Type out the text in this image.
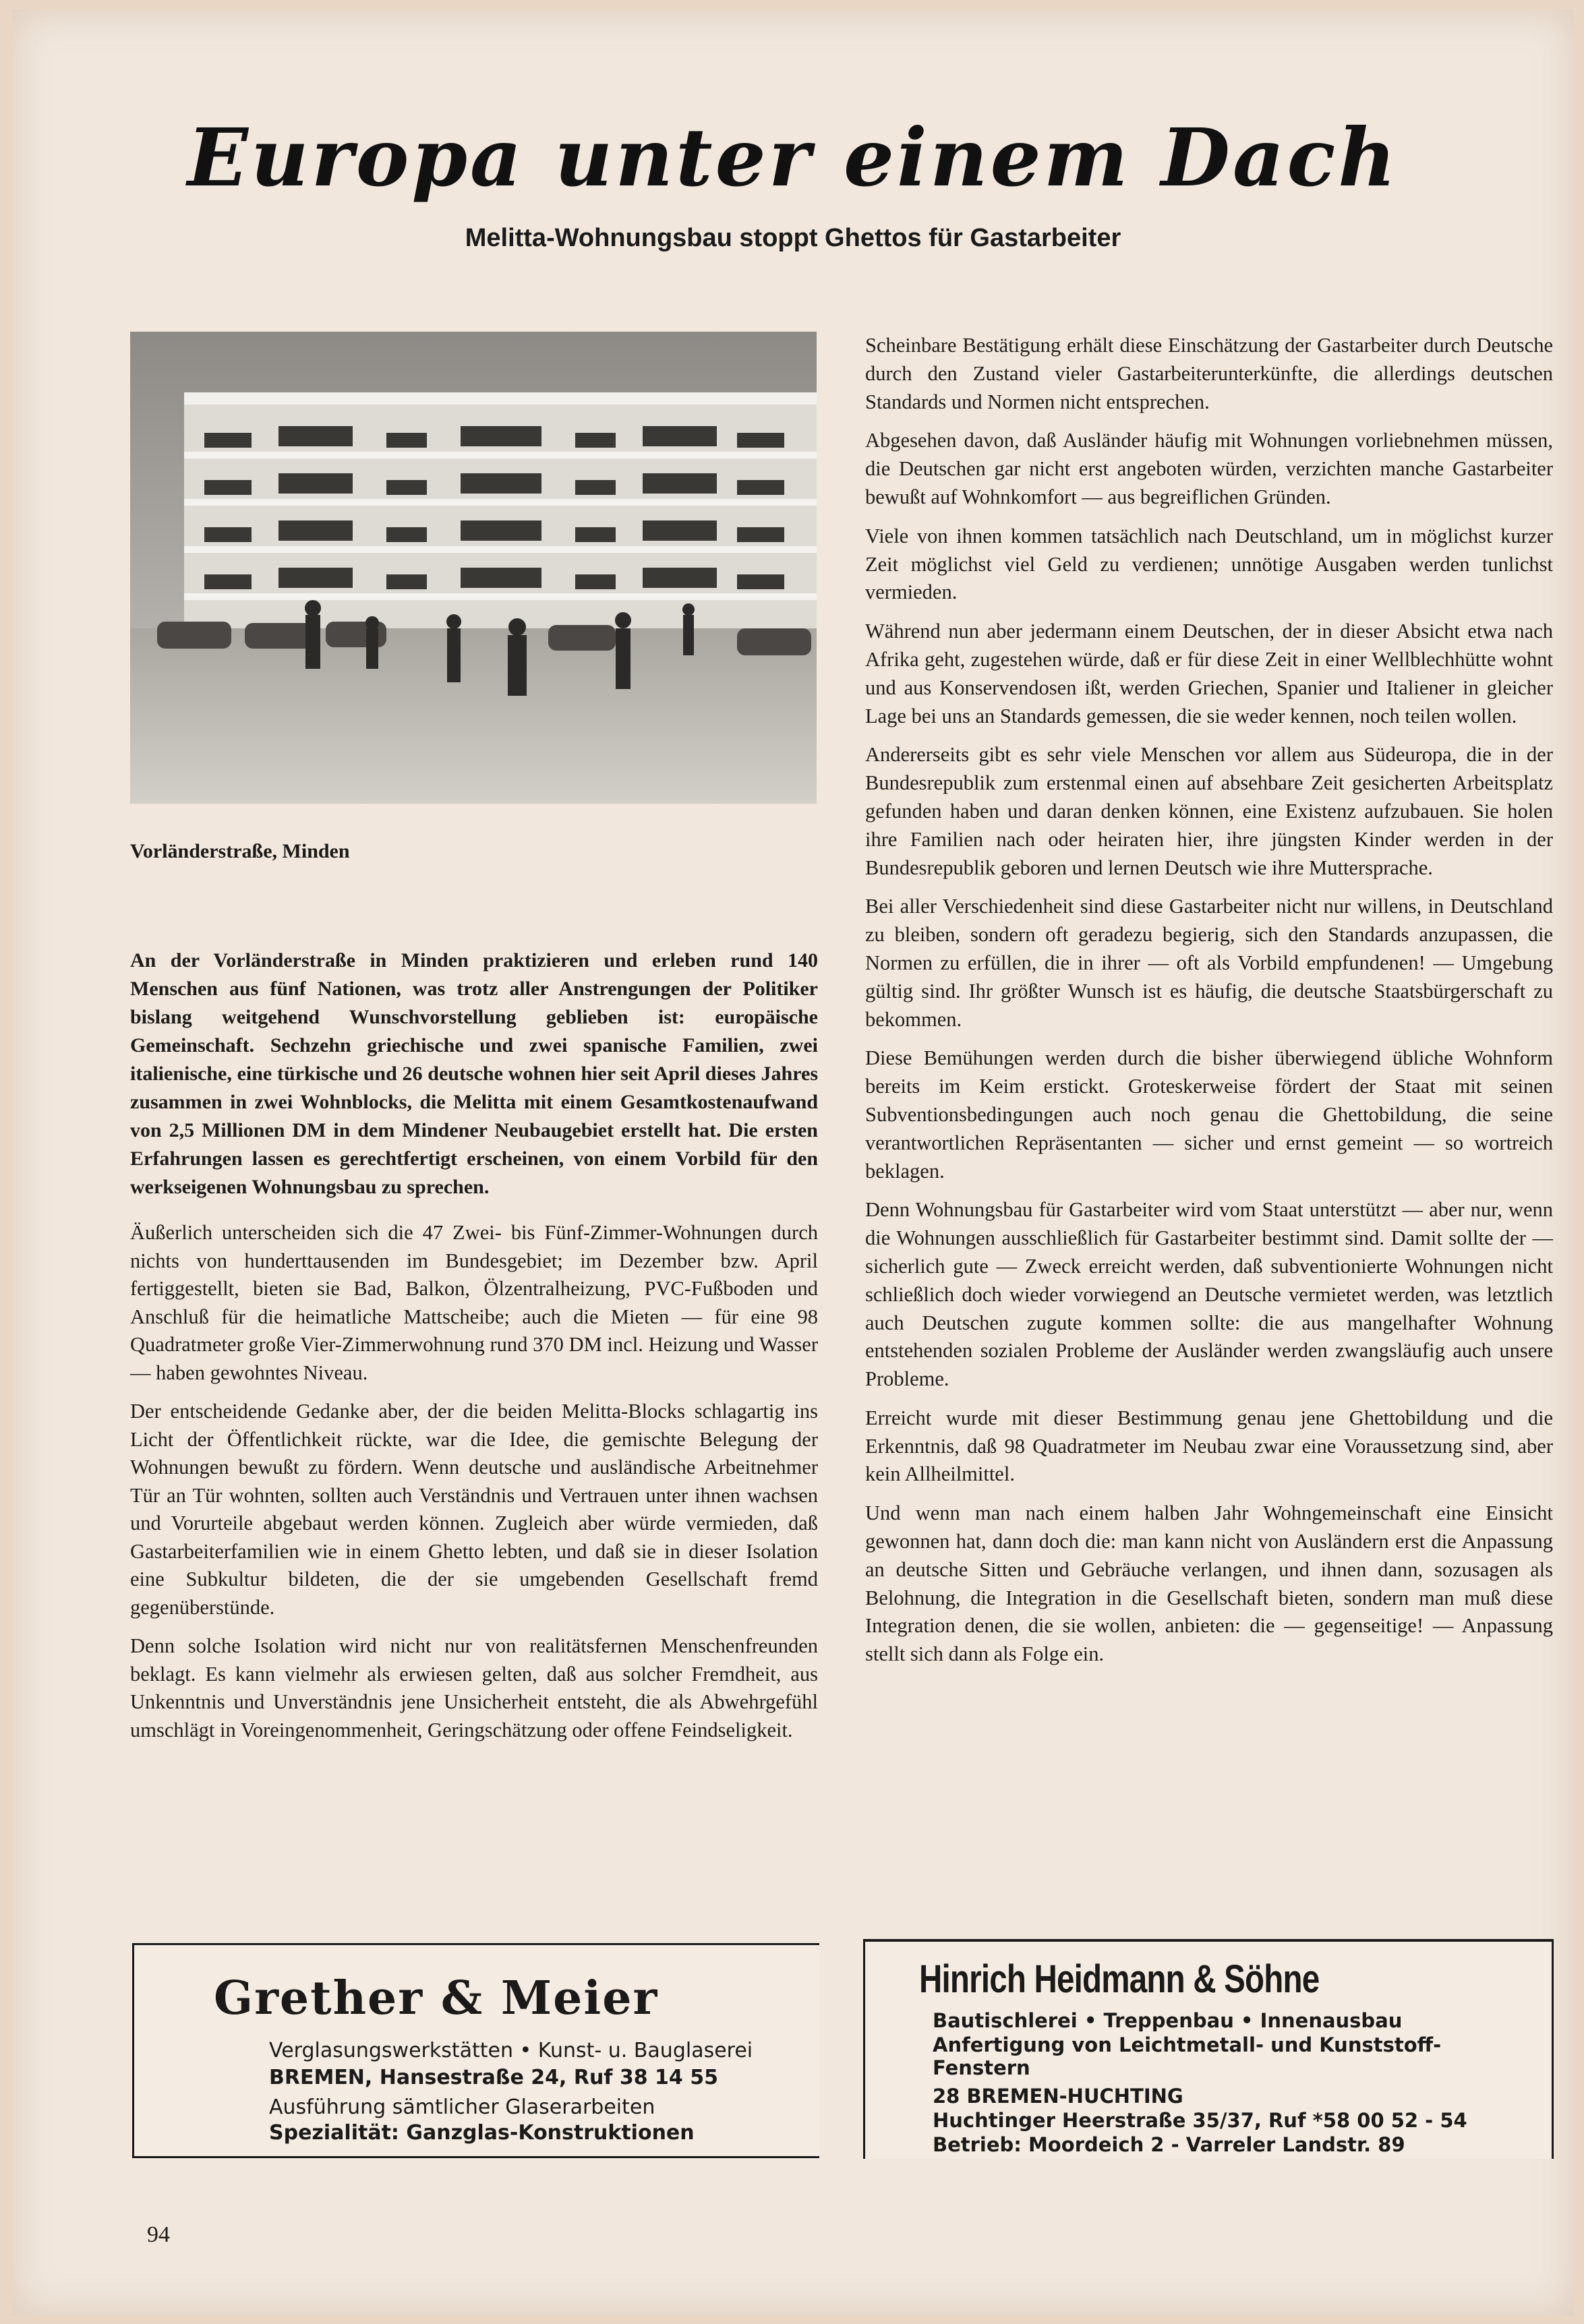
Europa unter einem Dach
Melitta-Wohnungsbau stoppt Ghettos für Gastarbeiter

Vorländerstraße, Minden

An der Vorländerstraße in Minden praktizieren und erleben rund 140 Menschen aus fünf Nationen, was trotz aller Anstrengungen der Politiker bislang weitgehend Wunschvorstellung geblieben ist: europäische Gemeinschaft. Sechzehn griechische und zwei spanische Familien, zwei italienische, eine türkische und 26 deutsche wohnen hier seit April dieses Jahres zusammen in zwei Wohnblocks, die Melitta mit einem Gesamtkostenaufwand von 2,5 Millionen DM in dem Mindener Neubaugebiet erstellt hat. Die ersten Erfahrungen lassen es gerechtfertigt erscheinen, von einem Vorbild für den werkseigenen Wohnungsbau zu sprechen.

Äußerlich unterscheiden sich die 47 Zwei- bis Fünf-Zimmer-Wohnungen durch nichts von hunderttausenden im Bundesgebiet; im Dezember bzw. April fertiggestellt, bieten sie Bad, Balkon, Ölzentralheizung, PVC-Fußboden und Anschluß für die heimatliche Mattscheibe; auch die Mieten — für eine 98 Quadratmeter große Vier-Zimmerwohnung rund 370 DM incl. Heizung und Wasser — haben gewohntes Niveau.

Der entscheidende Gedanke aber, der die beiden Melitta-Blocks schlagartig ins Licht der Öffentlichkeit rückte, war die Idee, die gemischte Belegung der Wohnungen bewußt zu fördern. Wenn deutsche und ausländische Arbeitnehmer Tür an Tür wohnten, sollten auch Verständnis und Vertrauen unter ihnen wachsen und Vorurteile abgebaut werden können. Zugleich aber würde vermieden, daß Gastarbeiterfamilien wie in einem Ghetto lebten, und daß sie in dieser Isolation eine Subkultur bildeten, die der sie umgebenden Gesellschaft fremd gegenüberstünde.

Denn solche Isolation wird nicht nur von realitätsfernen Menschenfreunden beklagt. Es kann vielmehr als erwiesen gelten, daß aus solcher Fremdheit, aus Unkenntnis und Unverständnis jene Unsicherheit entsteht, die als Abwehrgefühl umschlägt in Voreingenommenheit, Geringschätzung oder offene Feindseligkeit.

Scheinbare Bestätigung erhält diese Einschätzung der Gastarbeiter durch Deutsche durch den Zustand vieler Gastarbeiterunterkünfte, die allerdings deutschen Standards und Normen nicht entsprechen.

Abgesehen davon, daß Ausländer häufig mit Wohnungen vorliebnehmen müssen, die Deutschen gar nicht erst angeboten würden, verzichten manche Gastarbeiter bewußt auf Wohnkomfort — aus begreiflichen Gründen.

Viele von ihnen kommen tatsächlich nach Deutschland, um in möglichst kurzer Zeit möglichst viel Geld zu verdienen; unnötige Ausgaben werden tunlichst vermieden.

Während nun aber jedermann einem Deutschen, der in dieser Absicht etwa nach Afrika geht, zugestehen würde, daß er für diese Zeit in einer Wellblechhütte wohnt und aus Konservendosen ißt, werden Griechen, Spanier und Italiener in gleicher Lage bei uns an Standards gemessen, die sie weder kennen, noch teilen wollen.

Andererseits gibt es sehr viele Menschen vor allem aus Südeuropa, die in der Bundesrepublik zum erstenmal einen auf absehbare Zeit gesicherten Arbeitsplatz gefunden haben und daran denken können, eine Existenz aufzubauen. Sie holen ihre Familien nach oder heiraten hier, ihre jüngsten Kinder werden in der Bundesrepublik geboren und lernen Deutsch wie ihre Muttersprache.

Bei aller Verschiedenheit sind diese Gastarbeiter nicht nur willens, in Deutschland zu bleiben, sondern oft geradezu begierig, sich den Standards anzupassen, die Normen zu erfüllen, die in ihrer — oft als Vorbild empfundenen! — Umgebung gültig sind. Ihr größter Wunsch ist es häufig, die deutsche Staatsbürgerschaft zu bekommen.

Diese Bemühungen werden durch die bisher überwiegend übliche Wohnform bereits im Keim erstickt. Groteskerweise fördert der Staat mit seinen Subventionsbedingungen auch noch genau die Ghettobildung, die seine verantwortlichen Repräsentanten — sicher und ernst gemeint — so wortreich beklagen.

Denn Wohnungsbau für Gastarbeiter wird vom Staat unterstützt — aber nur, wenn die Wohnungen ausschließlich für Gastarbeiter bestimmt sind. Damit sollte der — sicherlich gute — Zweck erreicht werden, daß subventionierte Wohnungen nicht schließlich doch wieder vorwiegend an Deutsche vermietet werden, was letztlich auch Deutschen zugute kommen sollte: die aus mangelhafter Wohnung entstehenden sozialen Probleme der Ausländer werden zwangsläufig auch unsere Probleme.

Erreicht wurde mit dieser Bestimmung genau jene Ghettobildung und die Erkenntnis, daß 98 Quadratmeter im Neubau zwar eine Voraussetzung sind, aber kein Allheilmittel.

Und wenn man nach einem halben Jahr Wohngemeinschaft eine Einsicht gewonnen hat, dann doch die: man kann nicht von Ausländern erst die Anpassung an deutsche Sitten und Gebräuche verlangen, und ihnen dann, sozusagen als Belohnung, die Integration in die Gesellschaft bieten, sondern man muß diese Integration denen, die sie wollen, anbieten: die — gegenseitige! — Anpassung stellt sich dann als Folge ein.

Grether & Meier

Verglasungswerkstätten • Kunst- u. Bauglaserei

BREMEN, Hansestraße 24, Ruf 38 14 55

Ausführung sämtlicher Glaserarbeiten

Spezialität: Ganzglas-Konstruktionen

Hinrich Heidmann & Söhne

Bautischlerei • Treppenbau • Innenausbau

Anfertigung von Leichtmetall- und Kunststoff-

Fenstern

28 BREMEN-HUCHTING

Huchtinger Heerstraße 35/37, Ruf *58 00 52 - 54

Betrieb: Moordeich 2 - Varreler Landstr. 89

94
